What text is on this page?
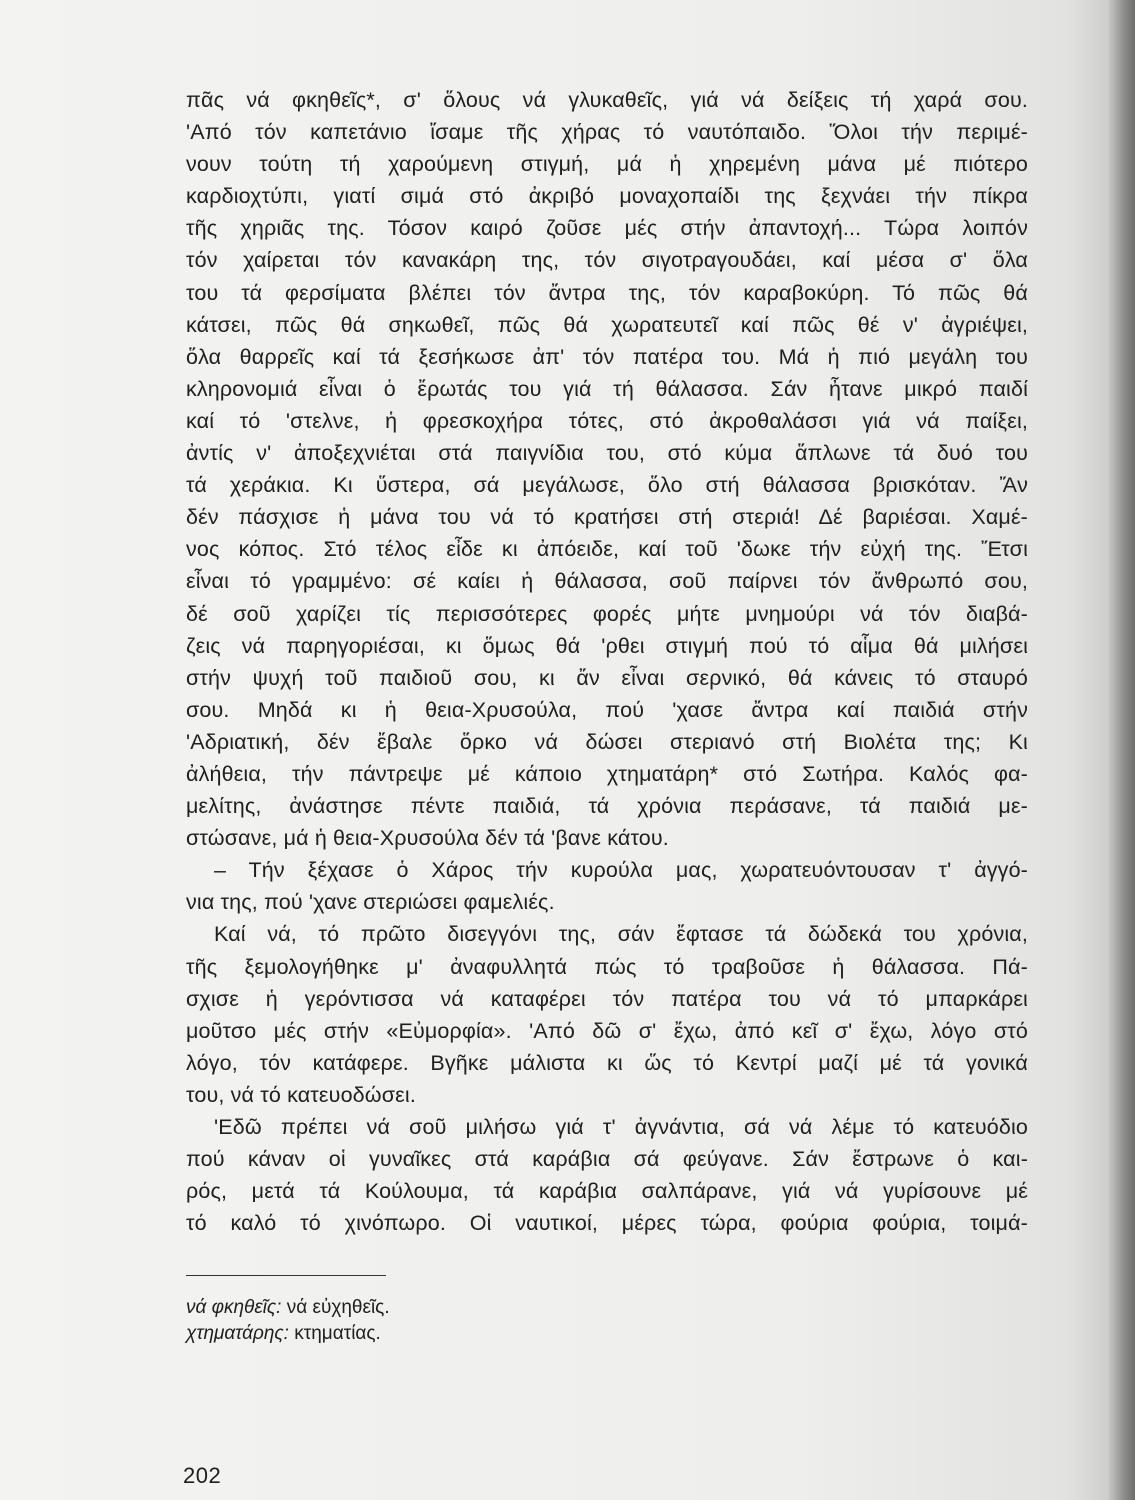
πᾶς νά φκηθεῖς*, σ' ὅλους νά γλυκαθεῖς, γιά νά δείξεις τή χαρά σου.
'Από τόν καπετάνιο ἴσαμε τῆς χήρας τό ναυτόπαιδο. Ὅλοι τήν περιμέ-
νουν τούτη τή χαρούμενη στιγμή, μά ἡ χηρεμένη μάνα μέ πιότερο
καρδιοχτύπι, γιατί σιμά στό ἀκριβό μοναχοπαίδι της ξεχνάει τήν πίκρα
τῆς χηριᾶς της. Τόσον καιρό ζοῦσε μές στήν ἀπαντοχή... Τώρα λοιπόν
τόν χαίρεται τόν κανακάρη της, τόν σιγοτραγουδάει, καί μέσα σ' ὅλα
του τά φερσίματα βλέπει τόν ἄντρα της, τόν καραβοκύρη. Τό πῶς θά
κάτσει, πῶς θά σηκωθεῖ, πῶς θά χωρατευτεῖ καί πῶς θέ ν' ἀγριέψει,
ὅλα θαρρεῖς καί τά ξεσήκωσε ἀπ' τόν πατέρα του. Μά ἡ πιό μεγάλη του
κληρονομιά εἶναι ὁ ἔρωτάς του γιά τή θάλασσα. Σάν ἦτανε μικρό παιδί
καί τό 'στελνε, ἡ φρεσκοχήρα τότες, στό ἀκροθαλάσσι γιά νά παίξει,
ἀντίς ν' ἀποξεχνιέται στά παιγνίδια του, στό κύμα ἅπλωνε τά δυό του
τά χεράκια. Κι ὕστερα, σά μεγάλωσε, ὅλο στή θάλασσα βρισκόταν. Ἄν
δέν πάσχισε ἡ μάνα του νά τό κρατήσει στή στεριά! Δέ βαριέσαι. Χαμέ-
νος κόπος. Στό τέλος εἶδε κι ἀπόειδε, καί τοῦ 'δωκε τήν εὐχή της. Ἔτσι
εἶναι τό γραμμένο: σέ καίει ἡ θάλασσα, σοῦ παίρνει τόν ἄνθρωπό σου,
δέ σοῦ χαρίζει τίς περισσότερες φορές μήτε μνημούρι νά τόν διαβά-
ζεις νά παρηγοριέσαι, κι ὅμως θά 'ρθει στιγμή πού τό αἷμα θά μιλήσει
στήν ψυχή τοῦ παιδιοῦ σου, κι ἄν εἶναι σερνικό, θά κάνεις τό σταυρό
σου. Μηδά κι ἡ θεια-Χρυσούλα, πού 'χασε ἄντρα καί παιδιά στήν
'Αδριατική, δέν ἔβαλε ὅρκο νά δώσει στεριανό στή Βιολέτα της; Κι
ἀλήθεια, τήν πάντρεψε μέ κάποιο χτηματάρη* στό Σωτήρα. Καλός φα-
μελίτης, ἀνάστησε πέντε παιδιά, τά χρόνια περάσανε, τά παιδιά με-
στώσανε, μά ἡ θεια-Χρυσούλα δέν τά 'βανε κάτου.
– Τήν ξέχασε ὁ Χάρος τήν κυρούλα μας, χωρατευόντουσαν τ' ἀγγό-
νια της, πού 'χανε στεριώσει φαμελιές.
Καί νά, τό πρῶτο δισεγγόνι της, σάν ἔφτασε τά δώδεκά του χρόνια,
τῆς ξεμολογήθηκε μ' ἀναφυλλητά πώς τό τραβοῦσε ἡ θάλασσα. Πά-
σχισε ἡ γερόντισσα νά καταφέρει τόν πατέρα του νά τό μπαρκάρει
μοῦτσο μές στήν «Εὐμορφία». 'Από δῶ σ' ἔχω, ἀπό κεῖ σ' ἔχω, λόγο στό
λόγο, τόν κατάφερε. Βγῆκε μάλιστα κι ὥς τό Κεντρί μαζί μέ τά γονικά
του, νά τό κατευοδώσει.
'Εδῶ πρέπει νά σοῦ μιλήσω γιά τ' ἀγνάντια, σά νά λέμε τό κατευόδιο
πού κάναν οἱ γυναῖκες στά καράβια σά φεύγανε. Σάν ἔστρωνε ὁ και-
ρός, μετά τά Κούλουμα, τά καράβια σαλπάρανε, γιά νά γυρίσουνε μέ
τό καλό τό χινόπωρο. Οἱ ναυτικοί, μέρες τώρα, φούρια φούρια, τοιμά-
νά φκηθεῖς: νά εὐχηθεῖς.
χτηματάρης: κτηματίας.
202
